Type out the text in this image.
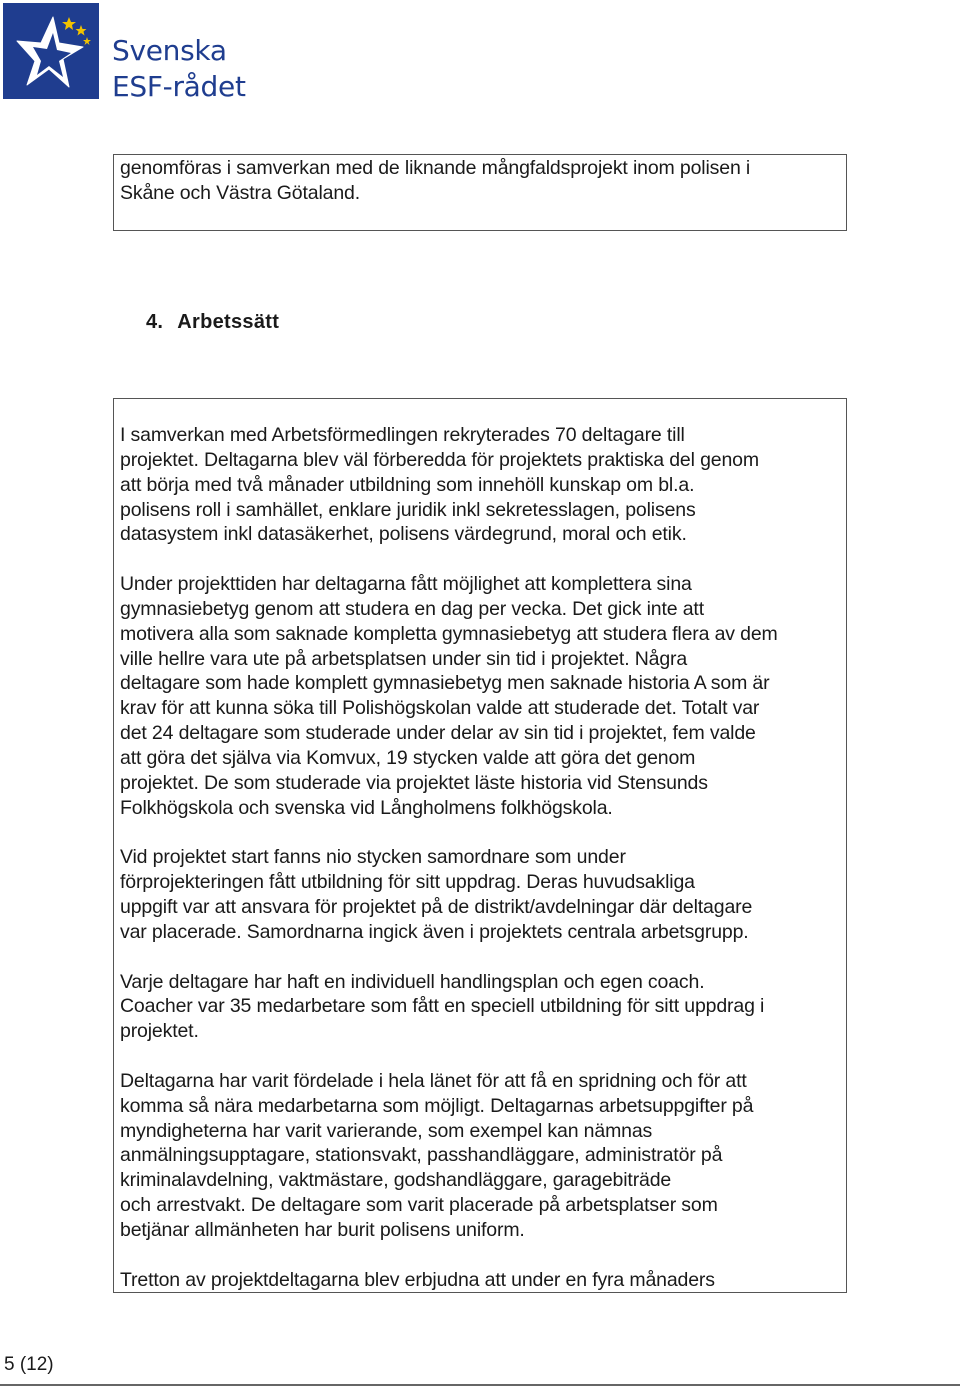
Svenska
ESF-rådet

genomföras i samverkan med de liknande mångfaldsprojekt inom polisen i
Skåne och Västra Götaland.

4. Arbetssätt

I samverkan med Arbetsförmedlingen rekryterades 70 deltagare till
projektet. Deltagarna blev väl förberedda för projektets praktiska del genom
att börja med två månader utbildning som innehöll kunskap om bl.a.
polisens roll i samhället, enklare juridik inkl sekretesslagen, polisens
datasystem inkl datasäkerhet, polisens värdegrund, moral och etik.

Under projekttiden har deltagarna fått möjlighet att komplettera sina
gymnasiebetyg genom att studera en dag per vecka. Det gick inte att
motivera alla som saknade kompletta gymnasiebetyg att studera flera av dem
ville hellre vara ute på arbetsplatsen under sin tid i projektet. Några
deltagare som hade komplett gymnasiebetyg men saknade historia A som är
krav för att kunna söka till Polishögskolan valde att studerade det. Totalt var
det 24 deltagare som studerade under delar av sin tid i projektet, fem valde
att göra det själva via Komvux, 19 stycken valde att göra det genom
projektet. De som studerade via projektet läste historia vid Stensunds
Folkhögskola och svenska vid Långholmens folkhögskola.

Vid projektet start fanns nio stycken samordnare som under
förprojekteringen fått utbildning för sitt uppdrag. Deras huvudsakliga
uppgift var att ansvara för projektet på de distrikt/avdelningar där deltagare
var placerade. Samordnarna ingick även i projektets centrala arbetsgrupp.

Varje deltagare har haft en individuell handlingsplan och egen coach.
Coacher var 35 medarbetare som fått en speciell utbildning för sitt uppdrag i
projektet.

Deltagarna har varit fördelade i hela länet för att få en spridning och för att
komma så nära medarbetarna som möjligt. Deltagarnas arbetsuppgifter på
myndigheterna har varit varierande, som exempel kan nämnas
anmälningsupptagare, stationsvakt, passhandläggare, administratör på
kriminalavdelning, vaktmästare, godshandläggare, garagebiträde
och arrestvakt. De deltagare som varit placerade på arbetsplatser som
betjänar allmänheten har burit polisens uniform.

Tretton av projektdeltagarna blev erbjudna att under en fyra månaders

5 (12)
